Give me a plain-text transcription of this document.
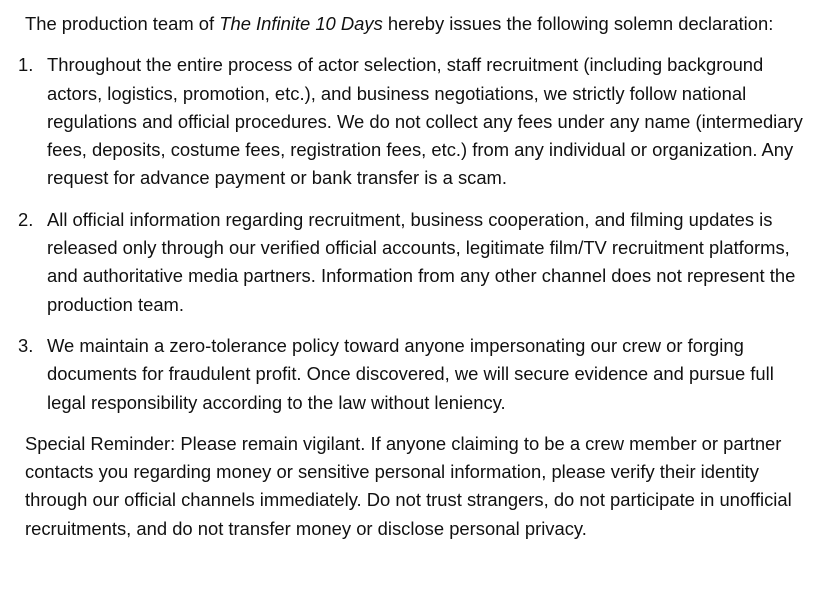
The production team of The Infinite 10 Days hereby issues the following solemn declaration:

1. Throughout the entire process of actor selection, staff recruitment (including background actors, logistics, promotion, etc.), and business negotiations, we strictly follow national regulations and official procedures. We do not collect any fees under any name (intermediary fees, deposits, costume fees, registration fees, etc.) from any individual or organization. Any request for advance payment or bank transfer is a scam.
2. All official information regarding recruitment, business cooperation, and filming updates is released only through our verified official accounts, legitimate film/TV recruitment platforms, and authoritative media partners. Information from any other channel does not represent the production team.
3. We maintain a zero-tolerance policy toward anyone impersonating our crew or forging documents for fraudulent profit. Once discovered, we will secure evidence and pursue full legal responsibility according to the law without leniency.

Special Reminder: Please remain vigilant. If anyone claiming to be a crew member or partner contacts you regarding money or sensitive personal information, please verify their identity through our official channels immediately. Do not trust strangers, do not participate in unofficial recruitments, and do not transfer money or disclose personal privacy.
